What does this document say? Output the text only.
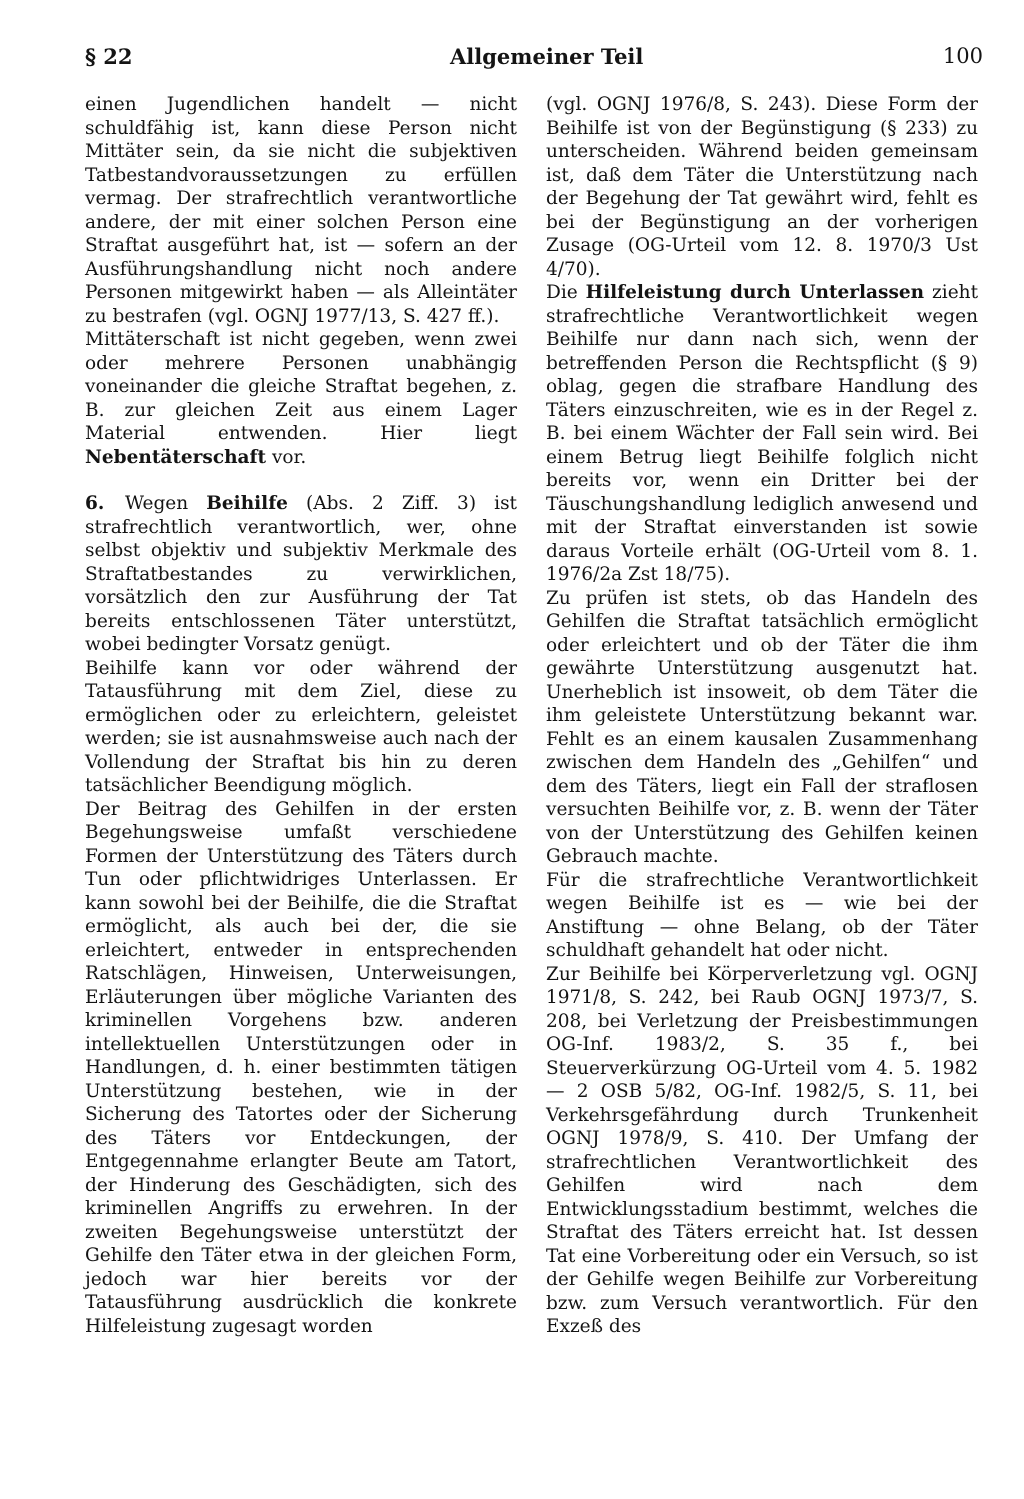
§ 22	Allgemeiner Teil	100

einen Jugendlichen handelt — nicht schuldfähig ist, kann diese Person nicht Mittäter sein, da sie nicht die subjektiven Tatbestandvoraussetzungen zu erfüllen vermag. Der strafrechtlich verantwortliche andere, der mit einer solchen Person eine Straftat ausgeführt hat, ist — sofern an der Ausführungshandlung nicht noch andere Personen mitgewirkt haben — als Alleintäter zu bestrafen (vgl. OGNJ 1977/13, S. 427 ff.).

Mittäterschaft ist nicht gegeben, wenn zwei oder mehrere Personen unabhängig voneinander die gleiche Straftat begehen, z. B. zur gleichen Zeit aus einem Lager Material entwenden. Hier liegt Nebentäterschaft vor.

6. Wegen Beihilfe (Abs. 2 Ziff. 3) ist strafrechtlich verantwortlich, wer, ohne selbst objektiv und subjektiv Merkmale des Straftatbestandes zu verwirklichen, vorsätzlich den zur Ausführung der Tat bereits entschlossenen Täter unterstützt, wobei bedingter Vorsatz genügt.

Beihilfe kann vor oder während der Tatausführung mit dem Ziel, diese zu ermöglichen oder zu erleichtern, geleistet werden; sie ist ausnahmsweise auch nach der Vollendung der Straftat bis hin zu deren tatsächlicher Beendigung möglich.

Der Beitrag des Gehilfen in der ersten Begehungsweise umfaßt verschiedene Formen der Unterstützung des Täters durch Tun oder pflichtwidriges Unterlassen. Er kann sowohl bei der Beihilfe, die die Straftat ermöglicht, als auch bei der, die sie erleichtert, entweder in entsprechenden Ratschlägen, Hinweisen, Unterweisungen, Erläuterungen über mögliche Varianten des kriminellen Vorgehens bzw. anderen intellektuellen Unterstützungen oder in Handlungen, d. h. einer bestimmten tätigen Unterstützung bestehen, wie in der Sicherung des Tatortes oder der Sicherung des Täters vor Entdeckungen, der Entgegennahme erlangter Beute am Tatort, der Hinderung des Geschädigten, sich des kriminellen Angriffs zu erwehren. In der zweiten Begehungsweise unterstützt der Gehilfe den Täter etwa in der gleichen Form, jedoch war hier bereits vor der Tatausführung ausdrücklich die konkrete Hilfeleistung zugesagt worden

(vgl. OGNJ 1976/8, S. 243). Diese Form der Beihilfe ist von der Begünstigung (§ 233) zu unterscheiden. Während beiden gemeinsam ist, daß dem Täter die Unterstützung nach der Begehung der Tat gewährt wird, fehlt es bei der Begünstigung an der vorherigen Zusage (OG-Urteil vom 12. 8. 1970/3 Ust 4/70).

Die Hilfeleistung durch Unterlassen zieht strafrechtliche Verantwortlichkeit wegen Beihilfe nur dann nach sich, wenn der betreffenden Person die Rechtspflicht (§ 9) oblag, gegen die strafbare Handlung des Täters einzuschreiten, wie es in der Regel z. B. bei einem Wächter der Fall sein wird. Bei einem Betrug liegt Beihilfe folglich nicht bereits vor, wenn ein Dritter bei der Täuschungshandlung lediglich anwesend und mit der Straftat einverstanden ist sowie daraus Vorteile erhält (OG-Urteil vom 8. 1. 1976/2a Zst 18/75).

Zu prüfen ist stets, ob das Handeln des Gehilfen die Straftat tatsächlich ermöglicht oder erleichtert und ob der Täter die ihm gewährte Unterstützung ausgenutzt hat. Unerheblich ist insoweit, ob dem Täter die ihm geleistete Unterstützung bekannt war. Fehlt es an einem kausalen Zusammenhang zwischen dem Handeln des „Gehilfen“ und dem des Täters, liegt ein Fall der straflosen versuchten Beihilfe vor, z. B. wenn der Täter von der Unterstützung des Gehilfen keinen Gebrauch machte.

Für die strafrechtliche Verantwortlichkeit wegen Beihilfe ist es — wie bei der Anstiftung — ohne Belang, ob der Täter schuldhaft gehandelt hat oder nicht.

Zur Beihilfe bei Körperverletzung vgl. OGNJ 1971/8, S. 242, bei Raub OGNJ 1973/7, S. 208, bei Verletzung der Preisbestimmungen OG-Inf. 1983/2, S. 35 f., bei Steuerverkürzung OG-Urteil vom 4. 5. 1982 — 2 OSB 5/82, OG-Inf. 1982/5, S. 11, bei Verkehrsgefährdung durch Trunkenheit OGNJ 1978/9, S. 410. Der Umfang der strafrechtlichen Verantwortlichkeit des Gehilfen wird nach dem Entwicklungsstadium bestimmt, welches die Straftat des Täters erreicht hat. Ist dessen Tat eine Vorbereitung oder ein Versuch, so ist der Gehilfe wegen Beihilfe zur Vorbereitung bzw. zum Versuch verantwortlich. Für den Exzeß des
